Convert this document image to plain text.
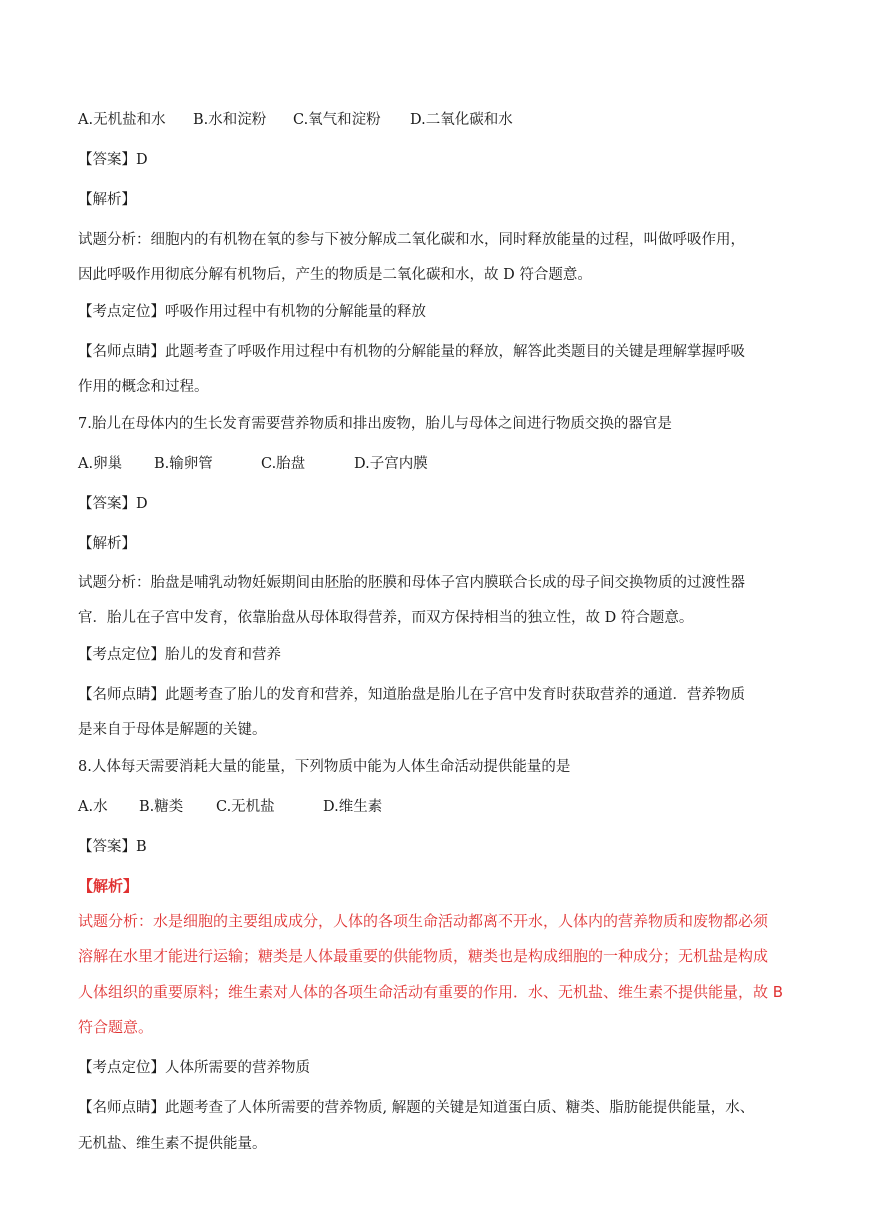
A.无机盐和水 B.水和淀粉 C.氧气和淀粉 D.二氧化碳和水
【答案】D
【解析】
试题分析：细胞内的有机物在氧的参与下被分解成二氧化碳和水，同时释放能量的过程，叫做呼吸作用，
因此呼吸作用彻底分解有机物后，产生的物质是二氧化碳和水，故 D 符合题意。
【考点定位】呼吸作用过程中有机物的分解能量的释放
【名师点睛】此题考查了呼吸作用过程中有机物的分解能量的释放，解答此类题目的关键是理解掌握呼吸
作用的概念和过程。
7.胎儿在母体内的生长发育需要营养物质和排出废物，胎儿与母体之间进行物质交换的器官是
A.卵巢 B.输卵管	C.胎盘	D.子宫内膜
【答案】D
【解析】
试题分析：胎盘是哺乳动物妊娠期间由胚胎的胚膜和母体子宫内膜联合长成的母子间交换物质的过渡性器
官．胎儿在子宫中发育，依靠胎盘从母体取得营养，而双方保持相当的独立性，故 D 符合题意。
【考点定位】胎儿的发育和营养
【名师点睛】此题考查了胎儿的发育和营养，知道胎盘是胎儿在子宫中发育时获取营养的通道．营养物质
是来自于母体是解题的关键。
8.人体每天需要消耗大量的能量，下列物质中能为人体生命活动提供能量的是
A.水 B.糖类 C.无机盐	D.维生素
【答案】B
【解析】
试题分析：水是细胞的主要组成成分，人体的各项生命活动都离不开水，人体内的营养物质和废物都必须
溶解在水里才能进行运输；糖类是人体最重要的供能物质，糖类也是构成细胞的一种成分；无机盐是构成
人体组织的重要原料；维生素对人体的各项生命活动有重要的作用．水、无机盐、维生素不提供能量，故 B
符合题意。
【考点定位】人体所需要的营养物质
【名师点睛】此题考查了人体所需要的营养物质, 解题的关键是知道蛋白质、糖类、脂肪能提供能量，水、
无机盐、维生素不提供能量。
